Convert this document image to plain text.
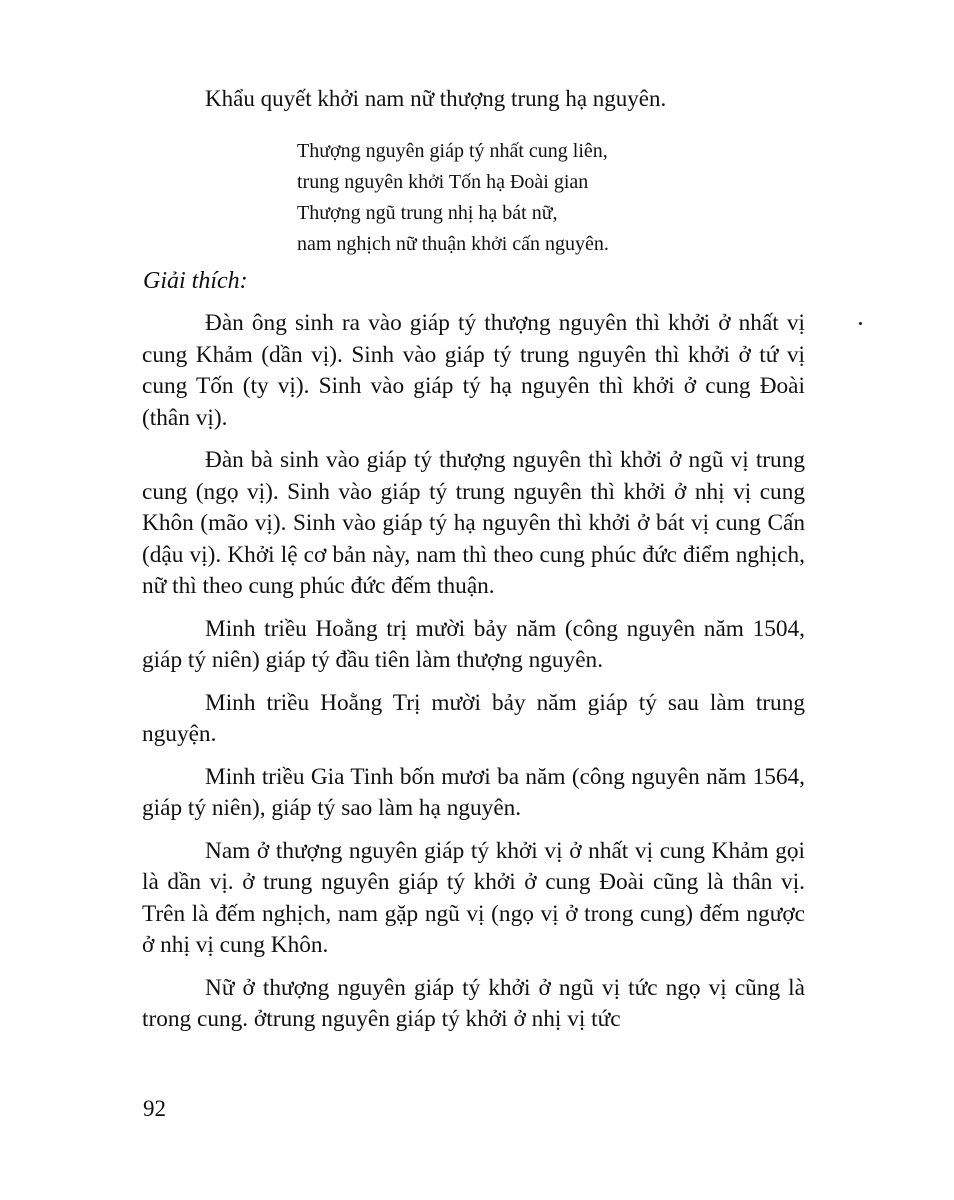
Khẩu quyết khởi nam nữ thượng trung hạ nguyên.
Thượng nguyên giáp tý nhất cung liên,
trung nguyên khởi Tốn hạ Đoài gian
Thượng ngũ trung nhị hạ bát nữ,
nam nghịch nữ thuận khởi cấn nguyên.
Giải thích:

Đàn ông sinh ra vào giáp tý thượng nguyên thì khởi ở nhất vị cung Khảm (dần vị). Sinh vào giáp tý trung nguyên thì khởi ở tứ vị cung Tốn (ty vị). Sinh vào giáp tý hạ nguyên thì khởi ở cung Đoài (thân vị).

Đàn bà sinh vào giáp tý thượng nguyên thì khởi ở ngũ vị trung cung (ngọ vị). Sinh vào giáp tý trung nguyên thì khởi ở nhị vị cung Khôn (mão vị). Sinh vào giáp tý hạ nguyên thì khởi ở bát vị cung Cấn (dậu vị). Khởi lệ cơ bản này, nam thì theo cung phúc đức điểm nghịch, nữ thì theo cung phúc đức đếm thuận.

Minh triều Hoằng trị mười bảy năm (công nguyên năm 1504, giáp tý niên) giáp tý đầu tiên làm thượng nguyên.

Minh triều Hoằng Trị mười bảy năm giáp tý sau làm trung nguyện.

Minh triều Gia Tinh bốn mươi ba năm (công nguyên năm 1564, giáp tý niên), giáp tý sao làm hạ nguyên.

Nam ở thượng nguyên giáp tý khởi vị ở nhất vị cung Khảm gọi là dần vị. ở trung nguyên giáp tý khởi ở cung Đoài cũng là thân vị. Trên là đếm nghịch, nam gặp ngũ vị (ngọ vị ở trong cung) đếm ngược ở nhị vị cung Khôn.

Nữ ở thượng nguyên giáp tý khởi ở ngũ vị tức ngọ vị cũng là trong cung. ởtrung nguyên giáp tý khởi ở nhị vị tức

92
